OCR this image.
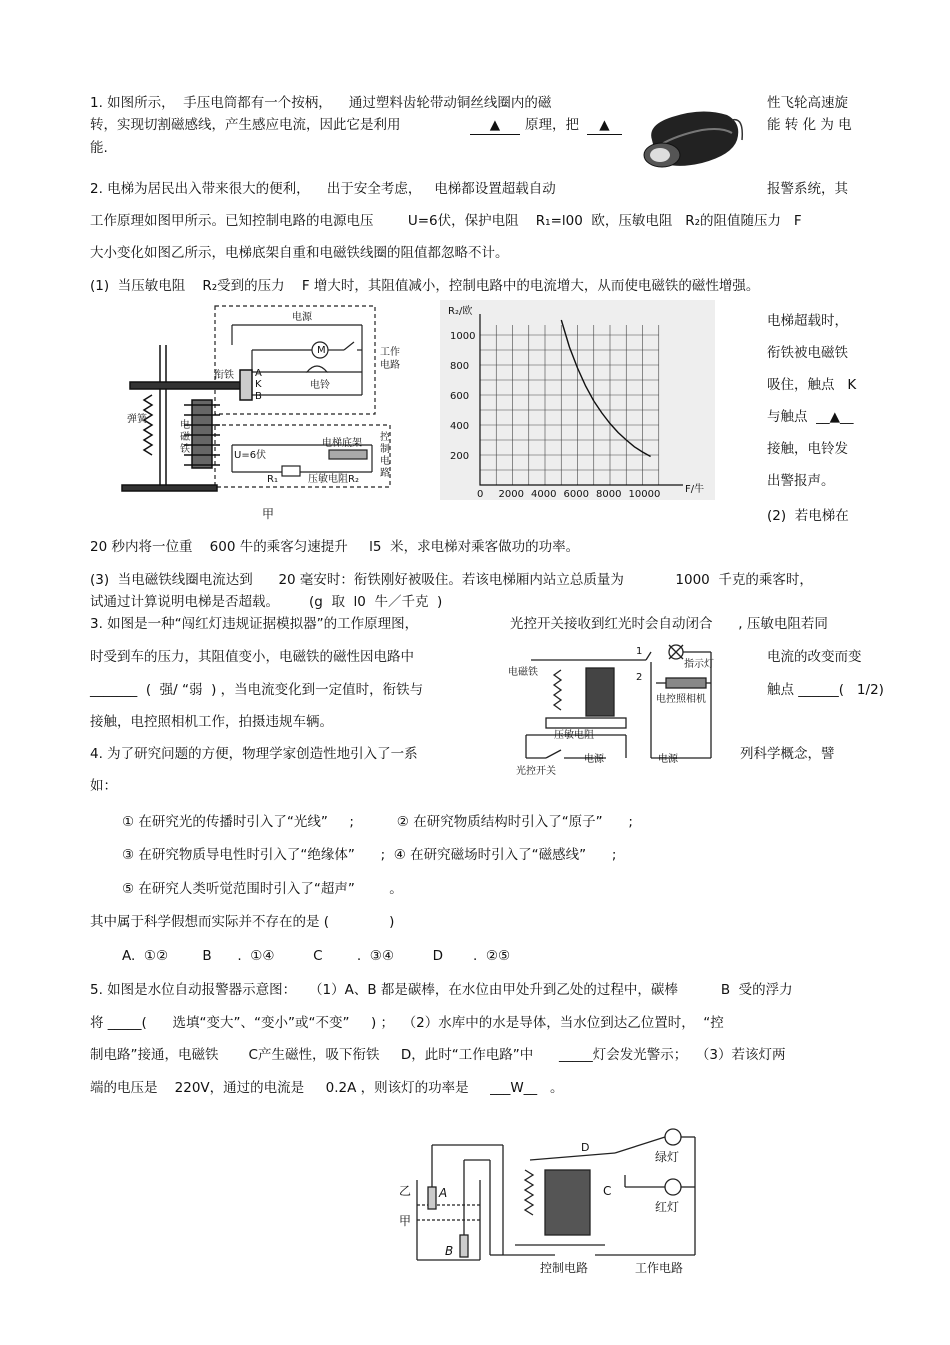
1. 如图所示，  手压电筒都有一个按柄，    通过塑料齿轮带动铜丝线圈内的磁	性飞轮高速旋
转，实现切割磁感线，产生感应电流，因此它是利用	▲	原理，把	▲	能 转 化 为 电
能.
2. 电梯为居民出入带来很大的便利，    出于安全考虑，   电梯都设置超载自动	报警系统，其
工作原理如图甲所示。已知控制电路的电源电压        U=6伏，保护电阻    R₁=l00  欧，压敏电阻   R₂的阻值随压力   F
大小变化如图乙所示，电梯底架自重和电磁铁线圈的阻值都忽略不计。
(1)  当压敏电阻    R₂受到的压力    F 增大时，其阻值减小，控制电路中的电流增大，从而使电磁铁的磁性增强。
电梯超载时，
衔铁被电磁铁
吸住，触点   K
与触点  __▲__
接触，电铃发
出警报声。
(2)  若电梯在
电源
M	工作
电路
衔铁 A
K
B
电铃
弹簧
电
磁
铁
U=6伏
电梯底架
R₁	压敏电阻R₂
控
制
电
路
甲
0 2000 4000 6000 8000 10000
200
400
600
800
1000
R₂/欧
F/牛
20 秒内将一位重    600 牛的乘客匀速提升     l5  米，求电梯对乘客做功的功率。
(3)  当电磁铁线圈电流达到      20 毫安时：衔铁刚好被吸住。若该电梯厢内站立总质量为            1000  千克的乘客时，
试通过计算说明电梯是否超载。       (g  取  l0  牛／千克  )
3. 如图是一种“闯红灯违规证据模拟器”的工作原理图，	光控开关接收到红光时会自动闭合      , 压敏电阻若同
时受到车的压力，其阻值变小，电磁铁的磁性因电路中	电流的改变而变
_______  (  强/ “弱  ) ，当电流变化到一定值时，衔铁与	触点 ______(   1/2)
接触，电控照相机工作，拍摄违规车辆。
电磁铁
1
2
指示灯
电控照相机
压敏电阻
电源	电源
光控开关
4. 为了研究问题的方便，物理学家创造性地引入了一系	列科学概念，譬
如：
① 在研究光的传播时引入了“光线”     ;          ② 在研究物质结构时引入了“原子”      ;
③ 在研究物质导电性时引入了“绝缘体”      ;  ④ 在研究磁场时引入了“磁感线”      ;
⑤ 在研究人类听觉范围时引入了“超声”        。
其中属于科学假想而实际并不存在的是 (              )
A.  ①②        B      .  ①④         C        .  ③④         D       .  ②⑤
5. 如图是水位自动报警器示意图：   （1）A、B 都是碳棒，在水位由甲处升到乙处的过程中，碳棒          B  受的浮力
将 _____(      选填“变大”、“变小”或“不变”     ) ；  （2）水库中的水是导体，当水位到达乙位置时，  “控
制电路”接通，电磁铁       C产生磁性，吸下衔铁     D，此时“工作电路”中      _____灯会发光警示；  （3）若该灯两
端的电压是    220V，通过的电流是     0.2A ，则该灯的功率是     ___W__   。
乙
甲
A
B
C
D
绿灯
红灯
控制电路	工作电路
